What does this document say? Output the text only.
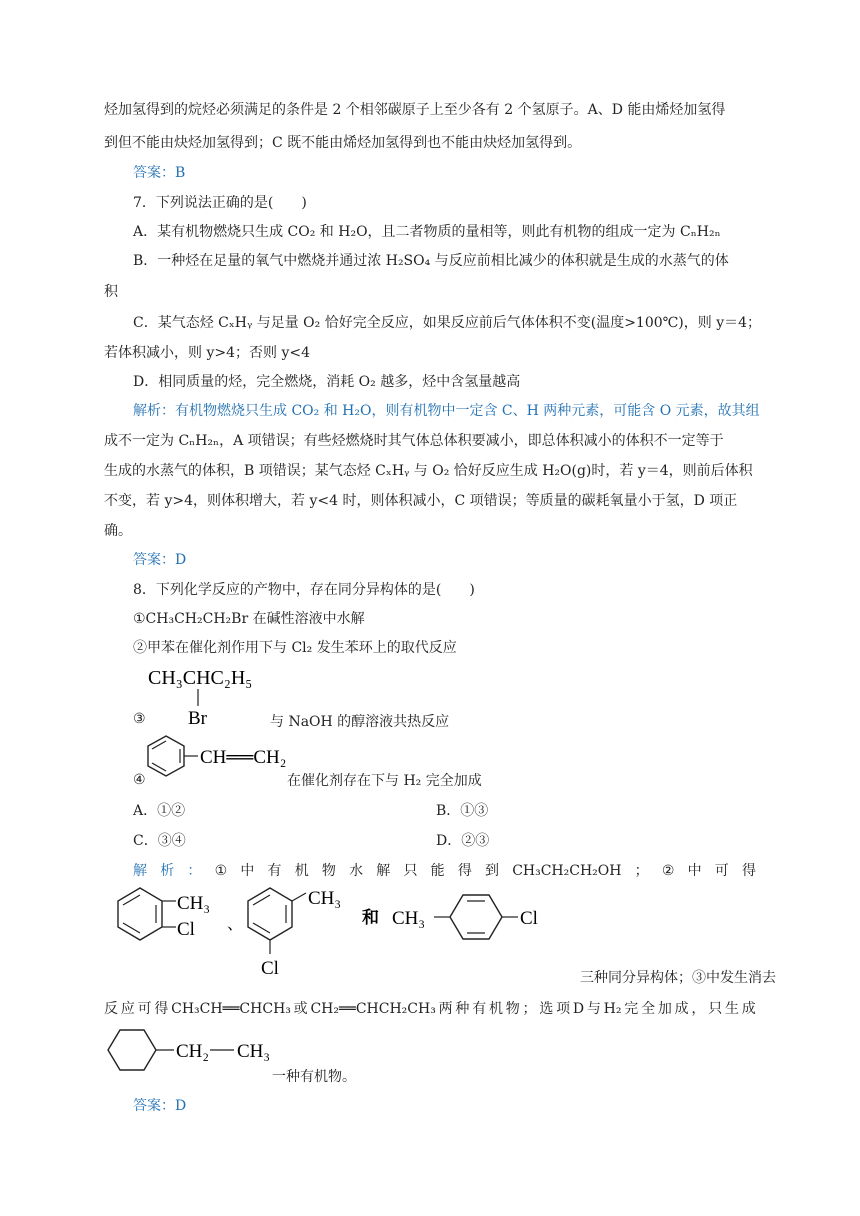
烃加氢得到的烷烃必须满足的条件是 2 个相邻碳原子上至少各有 2 个氢原子。A、D 能由烯烃加氢得
到但不能由炔烃加氢得到；C 既不能由烯烃加氢得到也不能由炔烃加氢得到。
答案：B
7．下列说法正确的是(　　)
A．某有机物燃烧只生成 CO₂ 和 H₂O，且二者物质的量相等，则此有机物的组成一定为 CₙH₂ₙ
B．一种烃在足量的氧气中燃烧并通过浓 H₂SO₄ 与反应前相比减少的体积就是生成的水蒸气的体
积
C．某气态烃 CₓHᵧ 与足量 O₂ 恰好完全反应，如果反应前后气体体积不变(温度>100℃)，则 y＝4；
若体积减小，则 y>4；否则 y<4
D．相同质量的烃，完全燃烧，消耗 O₂ 越多，烃中含氢量越高
解析：有机物燃烧只生成 CO₂ 和 H₂O，则有机物中一定含 C、H 两种元素，可能含 O 元素，故其组
成不一定为 CₙH₂ₙ，A 项错误；有些烃燃烧时其气体总体积要减小，即总体积减小的体积不一定等于
生成的水蒸气的体积，B 项错误；某气态烃 CₓHᵧ 与 O₂ 恰好反应生成 H₂O(g)时，若 y＝4，则前后体积
不变，若 y>4，则体积增大，若 y<4 时，则体积减小，C 项错误；等质量的碳耗氧量小于氢，D 项正
确。
答案：D
8．下列化学反应的产物中，存在同分异构体的是(　　)
①CH₃CH₂CH₂Br 在碱性溶液中水解
②甲苯在催化剂作用下与 Cl₂ 发生苯环上的取代反应
CH₃CHC₂H₅
Br
③	与 NaOH 的醇溶液共热反应
CH══CH₂
④	在催化剂存在下与 H₂ 完全加成
A．①②	B．①③
C．③④	D．②③
解 析 ： ① 中 有 机 物 水 解 只 能 得 到 CH₃CH₂CH₂OH ； ② 中 可 得
CH₃
Cl 、
CH₃
Cl
和 CH₃	Cl
三种同分异构体；③中发生消去
反 应 可 得 CH₃CH══CHCH₃ 或 CH₂══CHCH₂CH₃ 两 种 有 机 物 ； 选 项 D 与 H₂ 完 全 加 成 ， 只 生 成
CH₂ CH₃
一种有机物。
答案：D
